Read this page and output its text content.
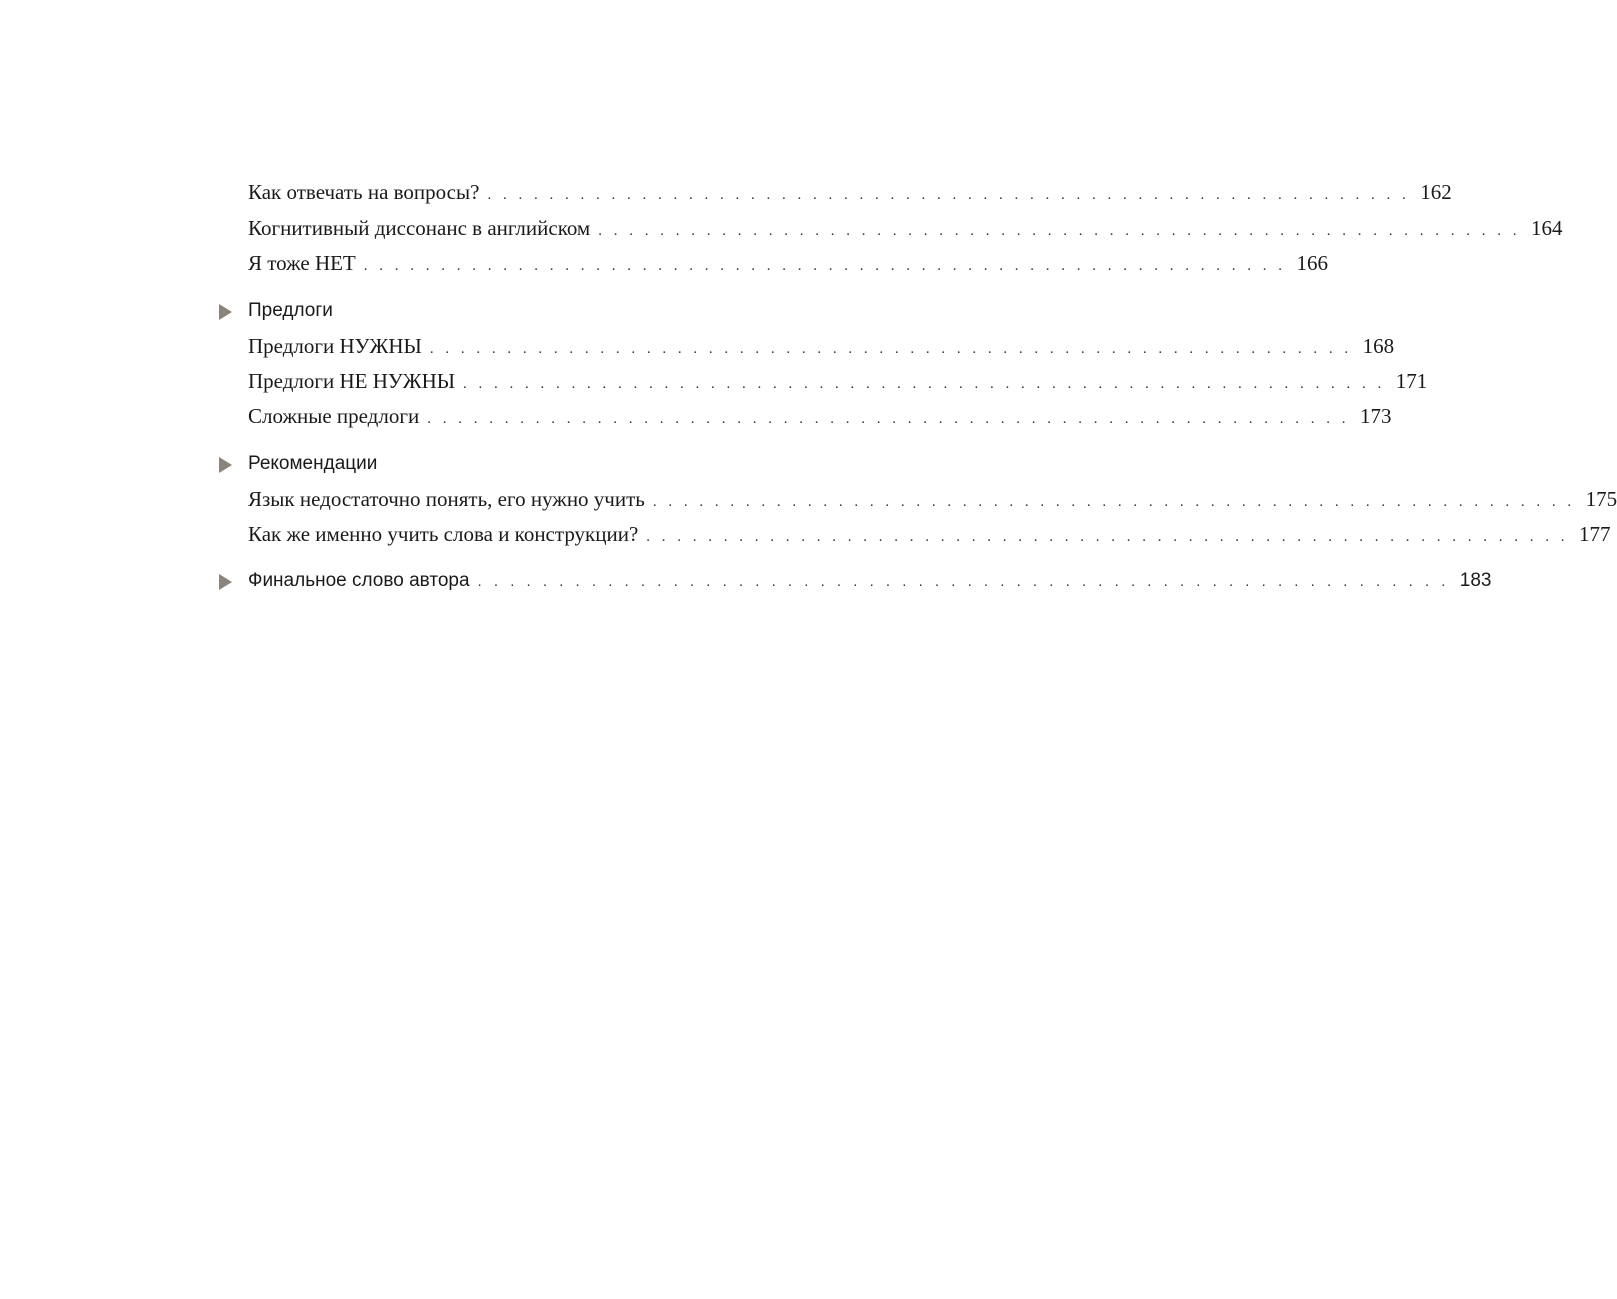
Как отвечать на вопросы? . . . . . . . . . . . . . . . . . . . . . . . . . . . . . . . . . . . . . . . . . . . . . . . . . . . . . . . . . . . . 162
Когнитивный диссонанс в английском . . . . . . . . . . . . . . . . . . . . . . . . . . . . . . . . . . . . . . . . . . . . . . . . . . . . . . . . . . . . 164
Я тоже НЕТ . . . . . . . . . . . . . . . . . . . . . . . . . . . . . . . . . . . . . . . . . . . . . . . . . . . . . . . . . . . . 166
Предлоги
Предлоги НУЖНЫ . . . . . . . . . . . . . . . . . . . . . . . . . . . . . . . . . . . . . . . . . . . . . . . . . . . . . . . . . . . . 168
Предлоги НЕ НУЖНЫ . . . . . . . . . . . . . . . . . . . . . . . . . . . . . . . . . . . . . . . . . . . . . . . . . . . . . . . . . . . . 171
Сложные предлоги . . . . . . . . . . . . . . . . . . . . . . . . . . . . . . . . . . . . . . . . . . . . . . . . . . . . . . . . . . . . 173
Рекомендации
Язык недостаточно понять, его нужно учить . . . . . . . . . . . . . . . . . . . . . . . . . . . . . . . . . . . . . . . . . . . . . . . . . . . . . . . . . . . . 175
Как же именно учить слова и конструкции? . . . . . . . . . . . . . . . . . . . . . . . . . . . . . . . . . . . . . . . . . . . . . . . . . . . . . . . . . . . . 177
Финальное слово автора . . . . . . . . . . . . . . . . . . . . . . . . . . . . . . . . . . . . . . . . . . . . . . . . . . . . . . . . . . . . 183
